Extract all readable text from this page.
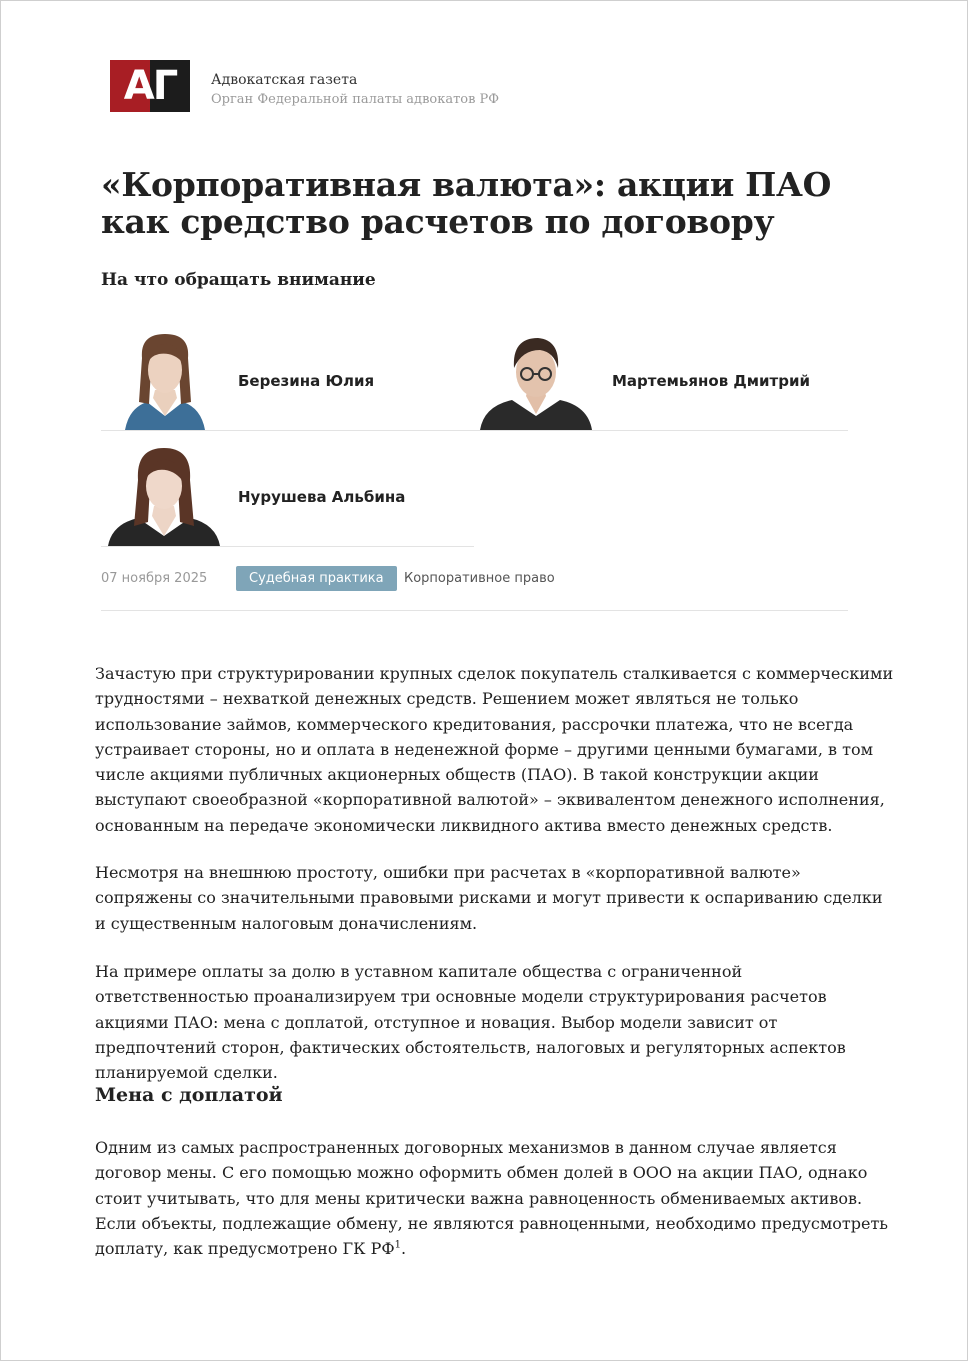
АГ	Адвокатская газета
Орган Федеральной палаты адвокатов РФ
«Корпоративная валюта»: акции ПАО как средство расчетов по договору
На что обращать внимание
Березина Юлия	Мартемьянов Дмитрий
Нурушева Альбина
07 ноября 2025	Судебная практика	Корпоративное право

Зачастую при структурировании крупных сделок покупатель сталкивается с коммерческими трудностями – нехваткой денежных средств. Решением может являться не только использование займов, коммерческого кредитования, рассрочки платежа, что не всегда устраивает стороны, но и оплата в неденежной форме – другими ценными бумагами, в том числе акциями публичных акционерных обществ (ПАО). В такой конструкции акции выступают своеобразной «корпоративной валютой» – эквивалентом денежного исполнения, основанным на передаче экономически ликвидного актива вместо денежных средств.

Несмотря на внешнюю простоту, ошибки при расчетах в «корпоративной валюте» сопряжены со значительными правовыми рисками и могут привести к оспариванию сделки и существенным налоговым доначислениям.

На примере оплаты за долю в уставном капитале общества с ограниченной ответственностью проанализируем три основные модели структурирования расчетов акциями ПАО: мена с доплатой, отступное и новация. Выбор модели зависит от предпочтений сторон, фактических обстоятельств, налоговых и регуляторных аспектов планируемой сделки.

Мена с доплатой

Одним из самых распространенных договорных механизмов в данном случае является договор мены. С его помощью можно оформить обмен долей в ООО на акции ПАО, однако стоит учитывать, что для мены критически важна равноценность обмениваемых активов. Если объекты, подлежащие обмену, не являются равноценными, необходимо предусмотреть доплату, как предусмотрено ГК $РФ^1$.
